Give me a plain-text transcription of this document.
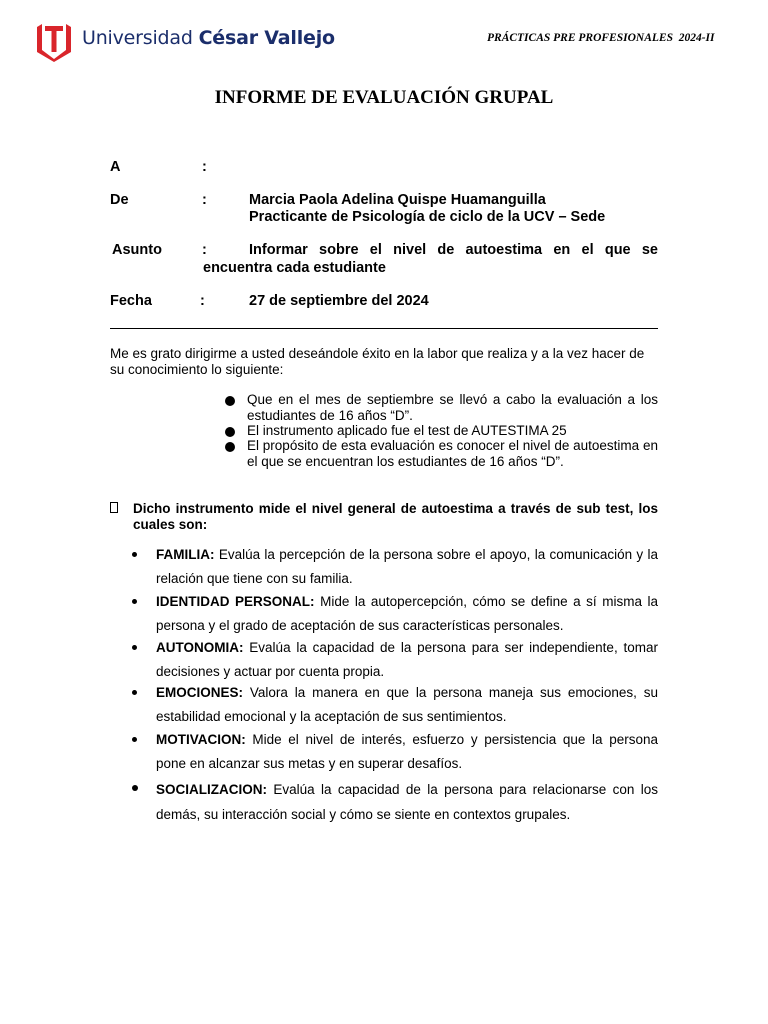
Universidad César Vallejo	PRÁCTICAS PRE PROFESIONALES  2024-II
INFORME DE EVALUACIÓN GRUPAL
A	:
De	:	Marcia Paola Adelina Quispe Huamanguilla
Practicante de Psicología de ciclo de la UCV – Sede
Asunto	:	Informar sobre el nivel de autoestima en el que se
encuentra cada estudiante
Fecha	:	27 de septiembre del 2024
Me es grato dirigirme a usted deseándole éxito en la labor que realiza y a la vez hacer de su conocimiento lo siguiente:
Que en el mes de septiembre se llevó a cabo la evaluación a los estudiantes de 16 años “D”.
El instrumento aplicado fue el test de AUTESTIMA 25
El propósito de esta evaluación es conocer el nivel de autoestima en el que se encuentran los estudiantes de 16 años “D”.
Dicho instrumento mide el nivel general de autoestima a través de sub test, los cuales son:
FAMILIA: Evalúa la percepción de la persona sobre el apoyo, la comunicación y la relación que tiene con su familia.
IDENTIDAD PERSONAL: Mide la autopercepción, cómo se define a sí misma la persona y el grado de aceptación de sus características personales.
AUTONOMIA: Evalúa la capacidad de la persona para ser independiente, tomar decisiones y actuar por cuenta propia.
EMOCIONES: Valora la manera en que la persona maneja sus emociones, su estabilidad emocional y la aceptación de sus sentimientos.
MOTIVACION: Mide el nivel de interés, esfuerzo y persistencia que la persona pone en alcanzar sus metas y en superar desafíos.
SOCIALIZACION: Evalúa la capacidad de la persona para relacionarse con los demás, su interacción social y cómo se siente en contextos grupales.
